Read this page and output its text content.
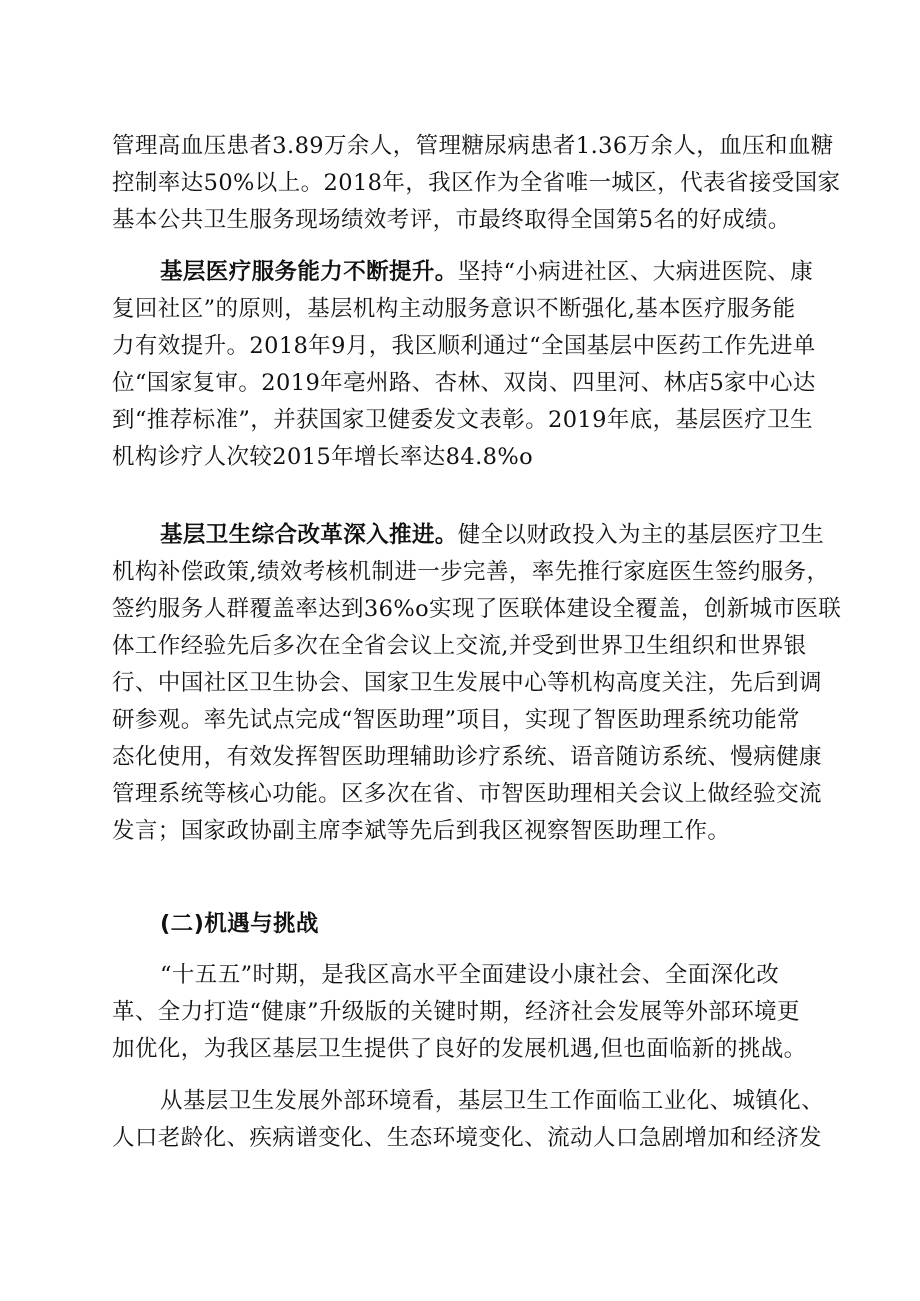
管理高血压患者3.89万余人，管理糖尿病患者1.36万余人，血压和血糖
控制率达50%以上。2018年，我区作为全省唯一城区，代表省接受国家
基本公共卫生服务现场绩效考评，市最终取得全国第5名的好成绩。
基层医疗服务能力不断提升。坚持“小病进社区、大病进医院、康
复回社区”的原则，基层机构主动服务意识不断强化,基本医疗服务能
力有效提升。2018年9月，我区顺利通过“全国基层中医药工作先进单
位“国家复审。2019年亳州路、杏林、双岗、四里河、林店5家中心达
到“推荐标准”，并获国家卫健委发文表彰。2019年底，基层医疗卫生
机构诊疗人次较2015年增长率达84.8%o
基层卫生综合改革深入推进。健全以财政投入为主的基层医疗卫生
机构补偿政策,绩效考核机制进一步完善，率先推行家庭医生签约服务，
签约服务人群覆盖率达到36%o实现了医联体建设全覆盖，创新城市医联
体工作经验先后多次在全省会议上交流,并受到世界卫生组织和世界银
行、中国社区卫生协会、国家卫生发展中心等机构高度关注，先后到调
研参观。率先试点完成“智医助理”项目，实现了智医助理系统功能常
态化使用，有效发挥智医助理辅助诊疗系统、语音随访系统、慢病健康
管理系统等核心功能。区多次在省、市智医助理相关会议上做经验交流
发言；国家政协副主席李斌等先后到我区视察智医助理工作。
(二)机遇与挑战
“十五五”时期，是我区高水平全面建设小康社会、全面深化改
革、全力打造“健康”升级版的关键时期，经济社会发展等外部环境更
加优化，为我区基层卫生提供了良好的发展机遇,但也面临新的挑战。
从基层卫生发展外部环境看，基层卫生工作面临工业化、城镇化、
人口老龄化、疾病谱变化、生态环境变化、流动人口急剧增加和经济发
